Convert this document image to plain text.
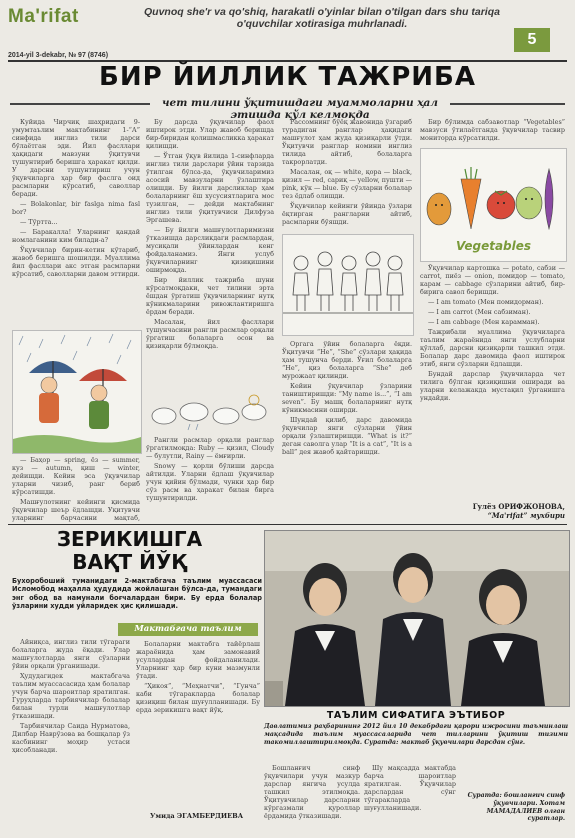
Ma'rifat	Quvnoq she'r va qo'shiq, harakatli o'yinlar bilan o'tilgan dars shu tariqa o'quvchilar xotirasiga muhrlanadi.
5
2014-yil 3-dekabr, № 97 (8746)
БИР ЙИЛЛИК ТАЖРИБА
чет тилини ўқитишдаги муаммоларни ҳал этишда қўл келмоқда

Куйида Чирчиқ шаҳридаги 9-умумтаълим мактабининг 1-“А” синфида инглиз тили дарси бўлаётган эди. Йил фасллари ҳақидаги мавзуни ўқитувчи тушунтириб беришга ҳаракат қилди. У дарсни тушунтириш учун ўқувчиларга ҳар бир фаслга оид расмларни кўрсатиб, саволлар беради.

— Bolakonlar, bir faslga nima fasl bor?

— Тўртта...

— Баракалла! Уларнинг қандай номлаганини ким билади-а?

Ўқувчилар бирин-кетин кўтариб, жавоб беришга шошилди. Муаллима йил фасллари акс этган расмларни кўрсатиб, саволларни давом эттирди.

— Баҳор — spring, ёз — summer, куз — autumn, қиш — winter, дейишди. Кейин эса ўқувчилар уларни чизиб, ранг бериб кўрсатишди.

Машғулотнинг кейинги қисмида ўқувчилар шеър ёдлашди. Уқитувчи уларнинг барчасини мақтаб,

Бу дарсда ўқувчилар фаол иштирок этди. Улар жавоб беришда бир-биридан қолишмасликка ҳаракат қилишди.

— Ўтган ўқув йилида 1-синфларда инглиз тили дарслари ўйин тарзида ўтилган бўлса-да, ўқувчиларимиз асосий мавзуларни ўзлаштира олишди. Бу йилги дарсликлар ҳам болаларнинг ёш хусусиятларига мос тузилган, — дейди мактабнинг инглиз тили ўқитувчиси Дилфуза Эргашева.

— Бу йилги машғулотларимизни ўтказишда дарсликдаги расмлардан, мусиқали ўйинлардан кенг фойдаланамиз. Янги услуб ўқувчиларнинг қизиқишини оширмоқда.

Бир йиллик тажриба шуни кўрсатмоқдаки, чет тилини эрта ёшдан ўргатиш ўқувчиларнинг нутқ кўникмаларини ривожлантиришга ёрдам беради.

Масалан, йил фасллари тушунчасини рангли расмлар орқали ўргатиш болаларга осон ва қизиқарли бўлмоқда.

Рангли расмлар орқали ранглар ўргатилмоқда: Ruby — қизил, Cloudy — булутли, Rainy — ёмғирли.

Snowy — қорли бўлиши дарсда айтилди. Уларни ёдлаш ўқувчилар учун қийин бўлмади, чунки ҳар бир сўз расм ва ҳаракат билан бирга тушунтирилди.

Рассомнинг бўёқ жавонида ўзгариб турадиган ранглар ҳақидаги машғулот ҳам жуда қизиқарли ўтди. Ўқитувчи ранглар номини инглиз тилида айтиб, болаларга такрорлатди.

Масалан, оқ — white, қора — black, қизил — red, сариқ — yellow, пушти — pink, кўк — blue. Бу сўзларни болалар тез ёдлаб олишди.

Ўқувчилар кейинги ўйинда ўзлари ёқтирган рангларни айтиб, расмларни бўяшди.

Оргага ўйин болаларга ёқди. Ўқитувчи “Не”, “She” сўзлари ҳақида ҳам тушунча берди. Ўғил болаларга “Не”, қиз болаларга “She” деб мурожаат қилинди.

Кейин ўқувчилар ўзларини таништиришди: “My name is...”, “I am seven”. Бу машқ болаларнинг нутқ кўникмасини оширди.

Шундай қилиб, дарс давомида ўқувчилар янги сўзларни ўйин орқали ўзлаштиришди. “What is it?” деган саволга улар “It is a cat”, “It is a ball” дея жавоб қайтаришди.

Бир бўлимда сабзавотлар “Vegetables” мавзуси ўтилаётганда ўқувчилар тасвир мониторда кўрсатилди.

Vegetables

Ўқувчилар картошка — potato, сабзи — carrot, пиёз — onion, помидор — tomato, карам — cabbage сўзларини айтиб, бир-бирига савол беришди.

— I am tomato (Мен помидорман).

— I am carrot (Мен сабзиман).

— I am cabbage (Мен карамман).

Тажрибали муаллима ўқувчиларга таълим жараёнида янги услубларни қўллаб, дарсни қизиқарли ташкил этди. Болалар дарс давомида фаол иштирок этиб, янги сўзларни ёдлашди.

Бундай дарслар ўқувчиларда чет тилига бўлган қизиқишни оширади ва уларни келажакда мустақил ўрганишга ундайди.

Гулёз ОРИФЖОНОВА,
“Ma'rifat” мухбири
ЗЕРИКИШГА
ВАҚТ ЙЎҚ
Бухоробоший туманидаги 2-мактабгача таълим муассасаси Исломобод маҳалла ҳудудида жойлашган бўлса-да, тумандаги энг обод ва намунали боғчалардан бири. Бу ерда болалар ўзларини худди уйларидек ҳис қилишади.
Мактабгача таълим

Айниқса, инглиз тили тўгараги болаларга жуда ёқади. Улар машғулотларда янги сўзларни ўйин орқали ўрганишади.

Ҳудудагидек мактабгача таълим муассасасида ҳам болалар учун барча шароитлар яратилган. Гуруҳларда тарбиячилар болалар билан турли машғулотлар ўтказишади.

Тарбиячилар Саида Нурматова, Дилбар Наврўзова ва бошқалар ўз касбининг моҳир устаси ҳисобланади.

Болаларни мактабга тайёрлаш жараёнида ҳам замонавий усуллардан фойдаланилади. Уларнинг ҳар бир куни мазмунли ўтади.

“Ҳикоя”, “Меҳнатчи”, “Гунча” каби тўгаракларда болалар қизиқиш билан шуғулланишади. Бу ерда зерикишга вақт йўқ.

Умида ЭГАМБЕРДИЕВА
ТАЪЛИМ СИФАТИГА ЭЪТИБОР
Давлатимиз раҳбарининг 2012 йил 10 декабрдаги қарори ижросини таъминлаш мақсадида таълим муассасаларида чет тилларини ўқитиш тизими такомиллаштирилмоқда. Суратда: мактаб ўқувчилари дарсдан сўнг.

Бошланғич синф ўқувчилари учун мазкур дарслар янгича усулда ташкил этилмоқда. Ўқитувчилар дарсларни кўргазмали қуроллар ёрдамида ўтказишади.

Шу мақсадда мактабда барча шароитлар яратилган. Ўқувчилар дарслардан сўнг тўгаракларда шуғулланишади.

Суратда: бошланғич синф ўқувчилари. Хотам МАМАДАЛИЕВ олган суратлар.
